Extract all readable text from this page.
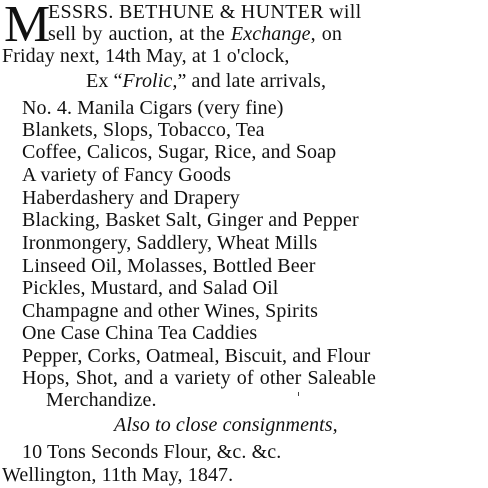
M
ESSRS. BETHUNE & HUNTER will
sell by auction, at the Exchange, on
Friday next, 14th May, at 1 o'clock,
Ex “Frolic,” and late arrivals,
No. 4. Manila Cigars (very fine)
Blankets, Slops, Tobacco, Tea
Coffee, Calicos, Sugar, Rice, and Soap
A variety of Fancy Goods
Haberdashery and Drapery
Blacking, Basket Salt, Ginger and Pepper
Ironmongery, Saddlery, Wheat Mills
Linseed Oil, Molasses, Bottled Beer
Pickles, Mustard, and Salad Oil
Champagne and other Wines, Spirits
One Case China Tea Caddies
Pepper, Corks, Oatmeal, Biscuit, and Flour
Hops, Shot, and a variety of other Saleable
Merchandize.
Also to close consignments,
10 Tons Seconds Flour, &c. &c.
Wellington, 11th May, 1847.
